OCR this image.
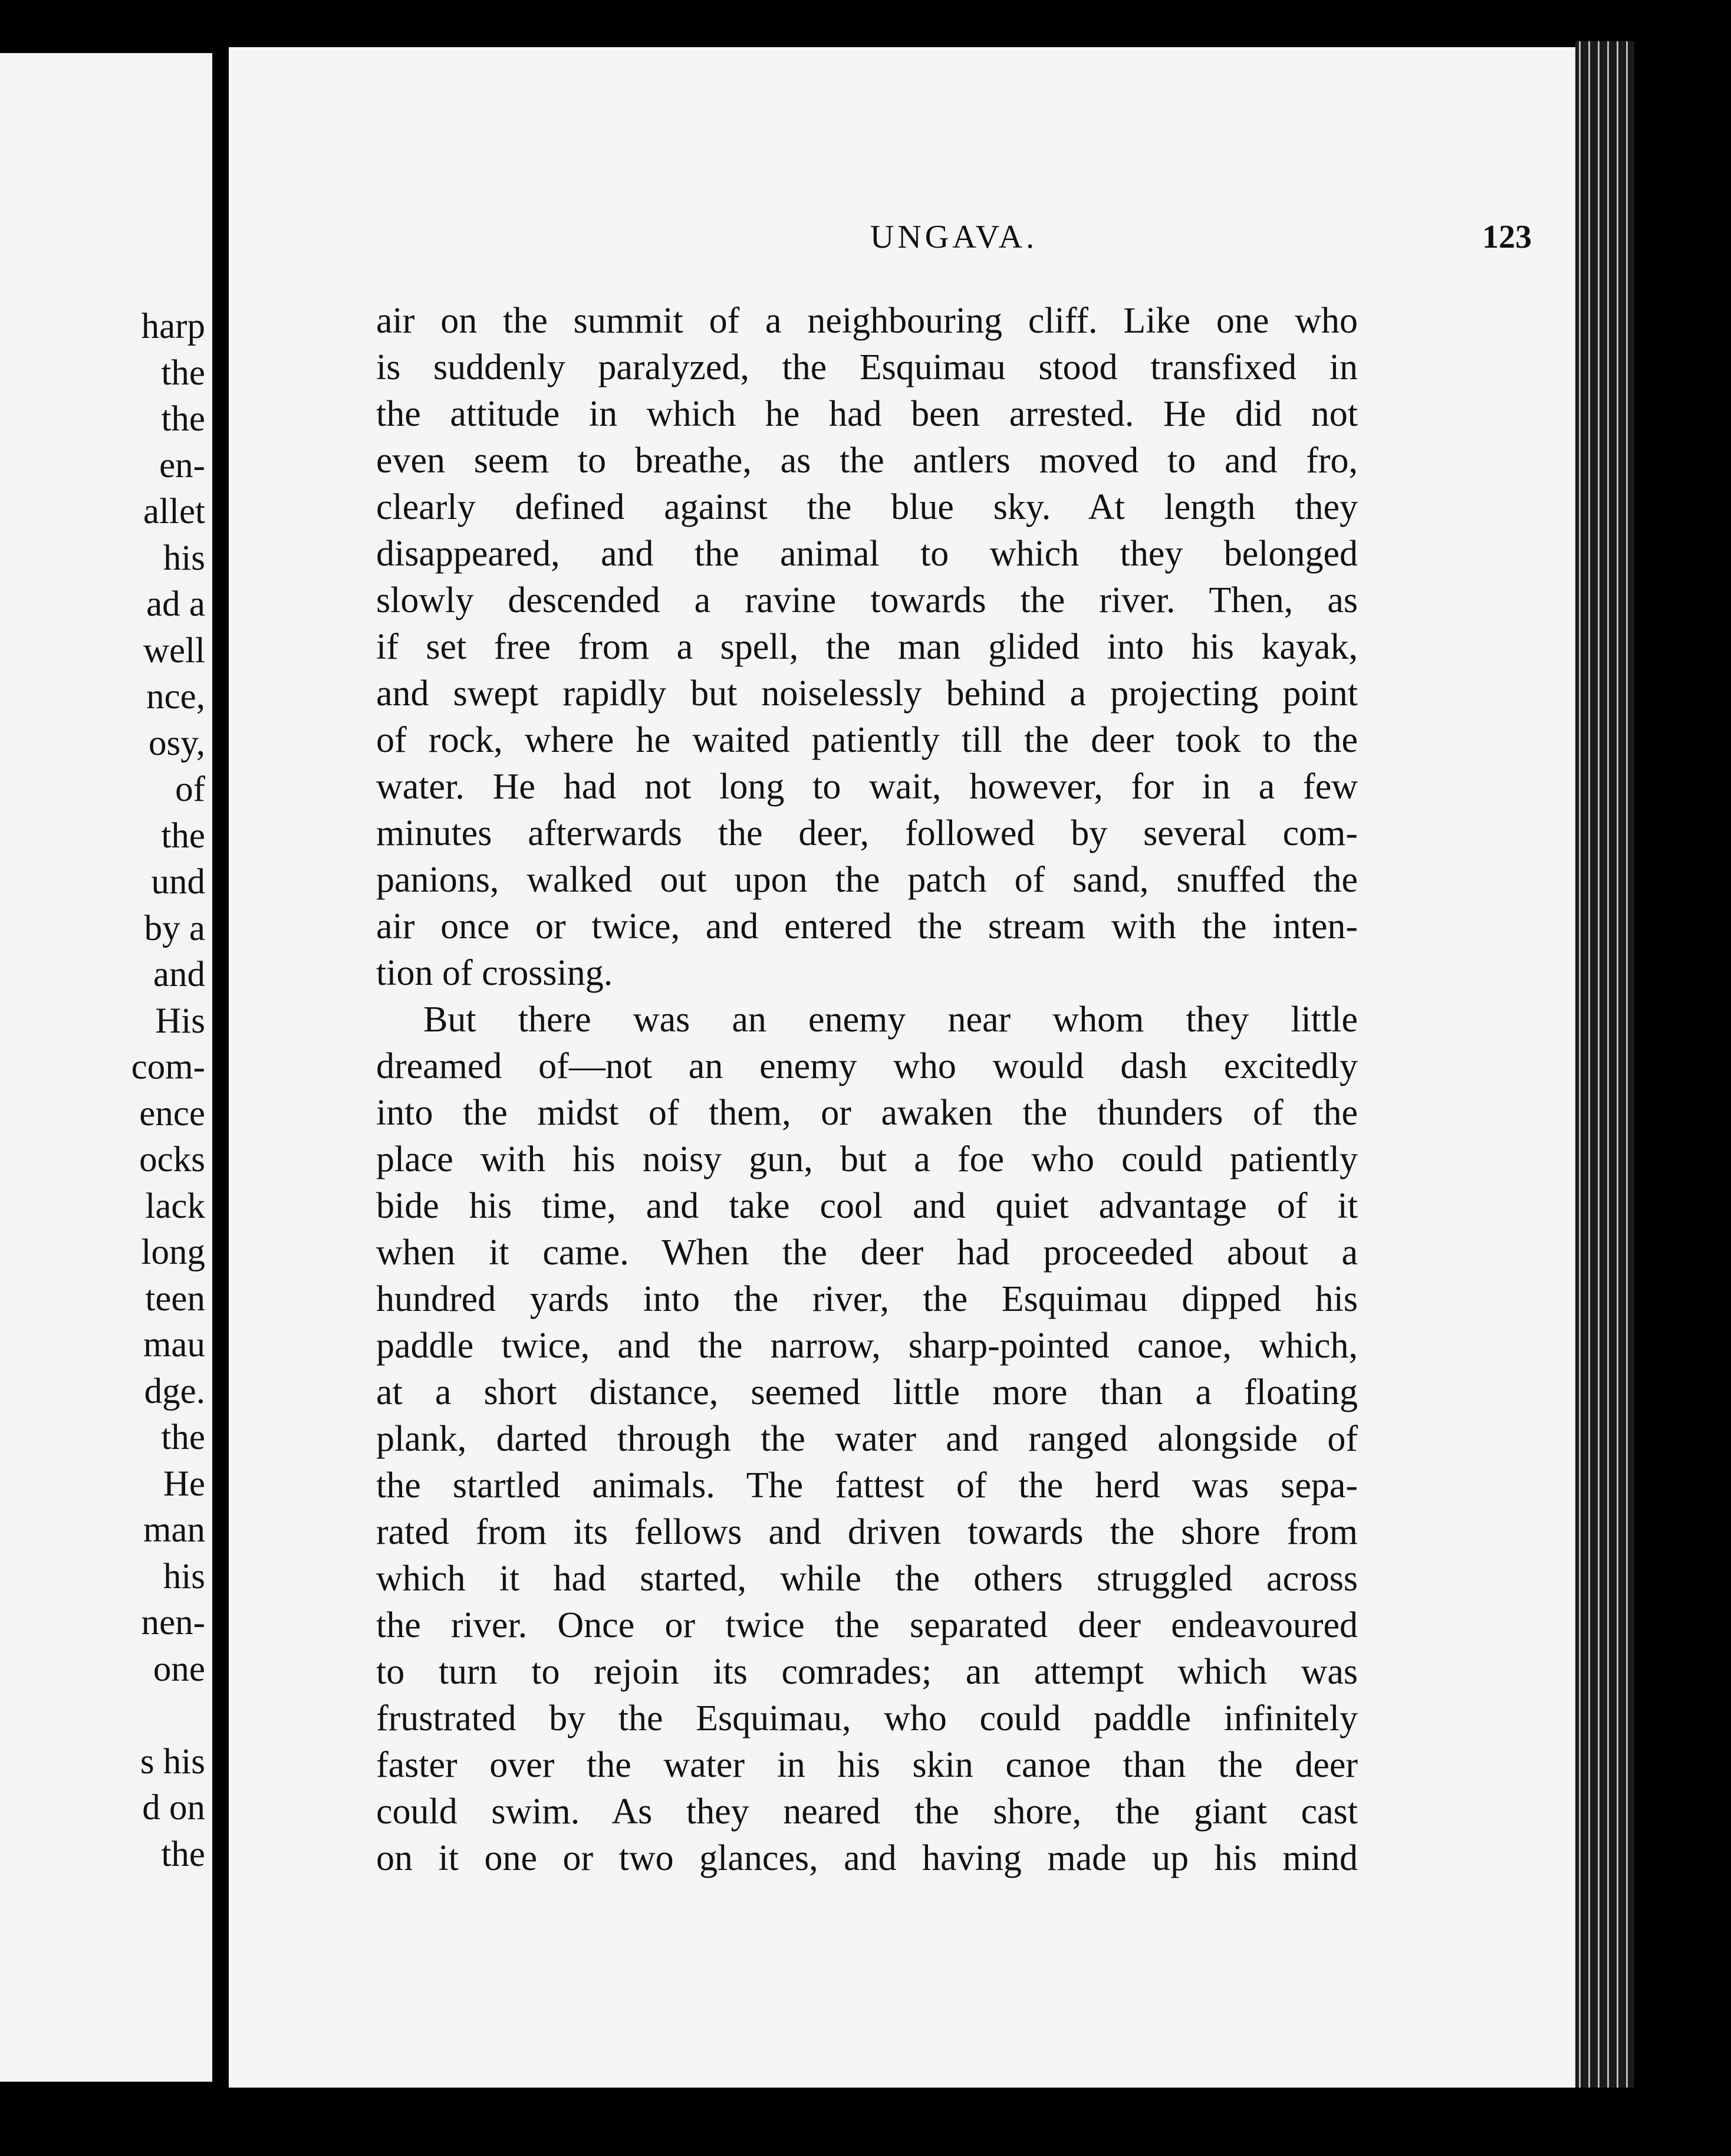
harp
the
the
en-
allet
his
ad a
well
nce,
osy,
of
the
und
by a
and
His
com-
ence
ocks
lack
long
teen
mau
dge.
the
He
man
his
nen-
one
s his
d on
the
UNGAVA.	123
air on the summit of a neighbouring cliff. Like one who
is suddenly paralyzed, the Esquimau stood transfixed in
the attitude in which he had been arrested. He did not
even seem to breathe, as the antlers moved to and fro,
clearly defined against the blue sky. At length they
disappeared, and the animal to which they belonged
slowly descended a ravine towards the river. Then, as
if set free from a spell, the man glided into his kayak,
and swept rapidly but noiselessly behind a projecting point
of rock, where he waited patiently till the deer took to the
water. He had not long to wait, however, for in a few
minutes afterwards the deer, followed by several com-
panions, walked out upon the patch of sand, snuffed the
air once or twice, and entered the stream with the inten-
tion of crossing.
But there was an enemy near whom they little
dreamed of—not an enemy who would dash excitedly
into the midst of them, or awaken the thunders of the
place with his noisy gun, but a foe who could patiently
bide his time, and take cool and quiet advantage of it
when it came. When the deer had proceeded about a
hundred yards into the river, the Esquimau dipped his
paddle twice, and the narrow, sharp-pointed canoe, which,
at a short distance, seemed little more than a floating
plank, darted through the water and ranged alongside of
the startled animals. The fattest of the herd was sepa-
rated from its fellows and driven towards the shore from
which it had started, while the others struggled across
the river. Once or twice the separated deer endeavoured
to turn to rejoin its comrades; an attempt which was
frustrated by the Esquimau, who could paddle infinitely
faster over the water in his skin canoe than the deer
could swim. As they neared the shore, the giant cast
on it one or two glances, and having made up his mind
